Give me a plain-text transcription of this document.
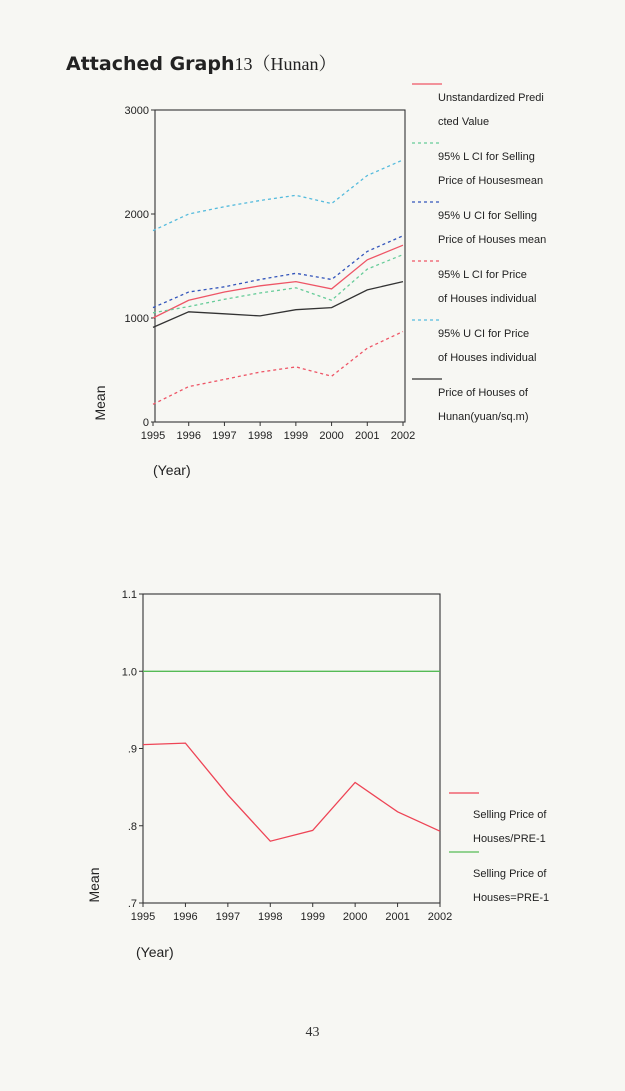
Attached Graph13（Hunan）
0
1000
2000
3000
1995 1996 1997 1998 1999 2000 2001 2002
(Year)
Mean
Unstandardized Predi
cted Value
95% L CI for Selling
Price of Housesmean
95% U CI for Selling
Price of Houses mean
95% L CI for Price
of Houses individual
95% U CI for Price
of Houses individual
Price of Houses of
Hunan(yuan/sq.m)
.7
.8
.9
1.0
1.1
1995 1996 1997 1998 1999 2000 2001 2002
(Year)
Mean
Selling Price of
Houses/PRE-1
Selling Price of
Houses=PRE-1
43
